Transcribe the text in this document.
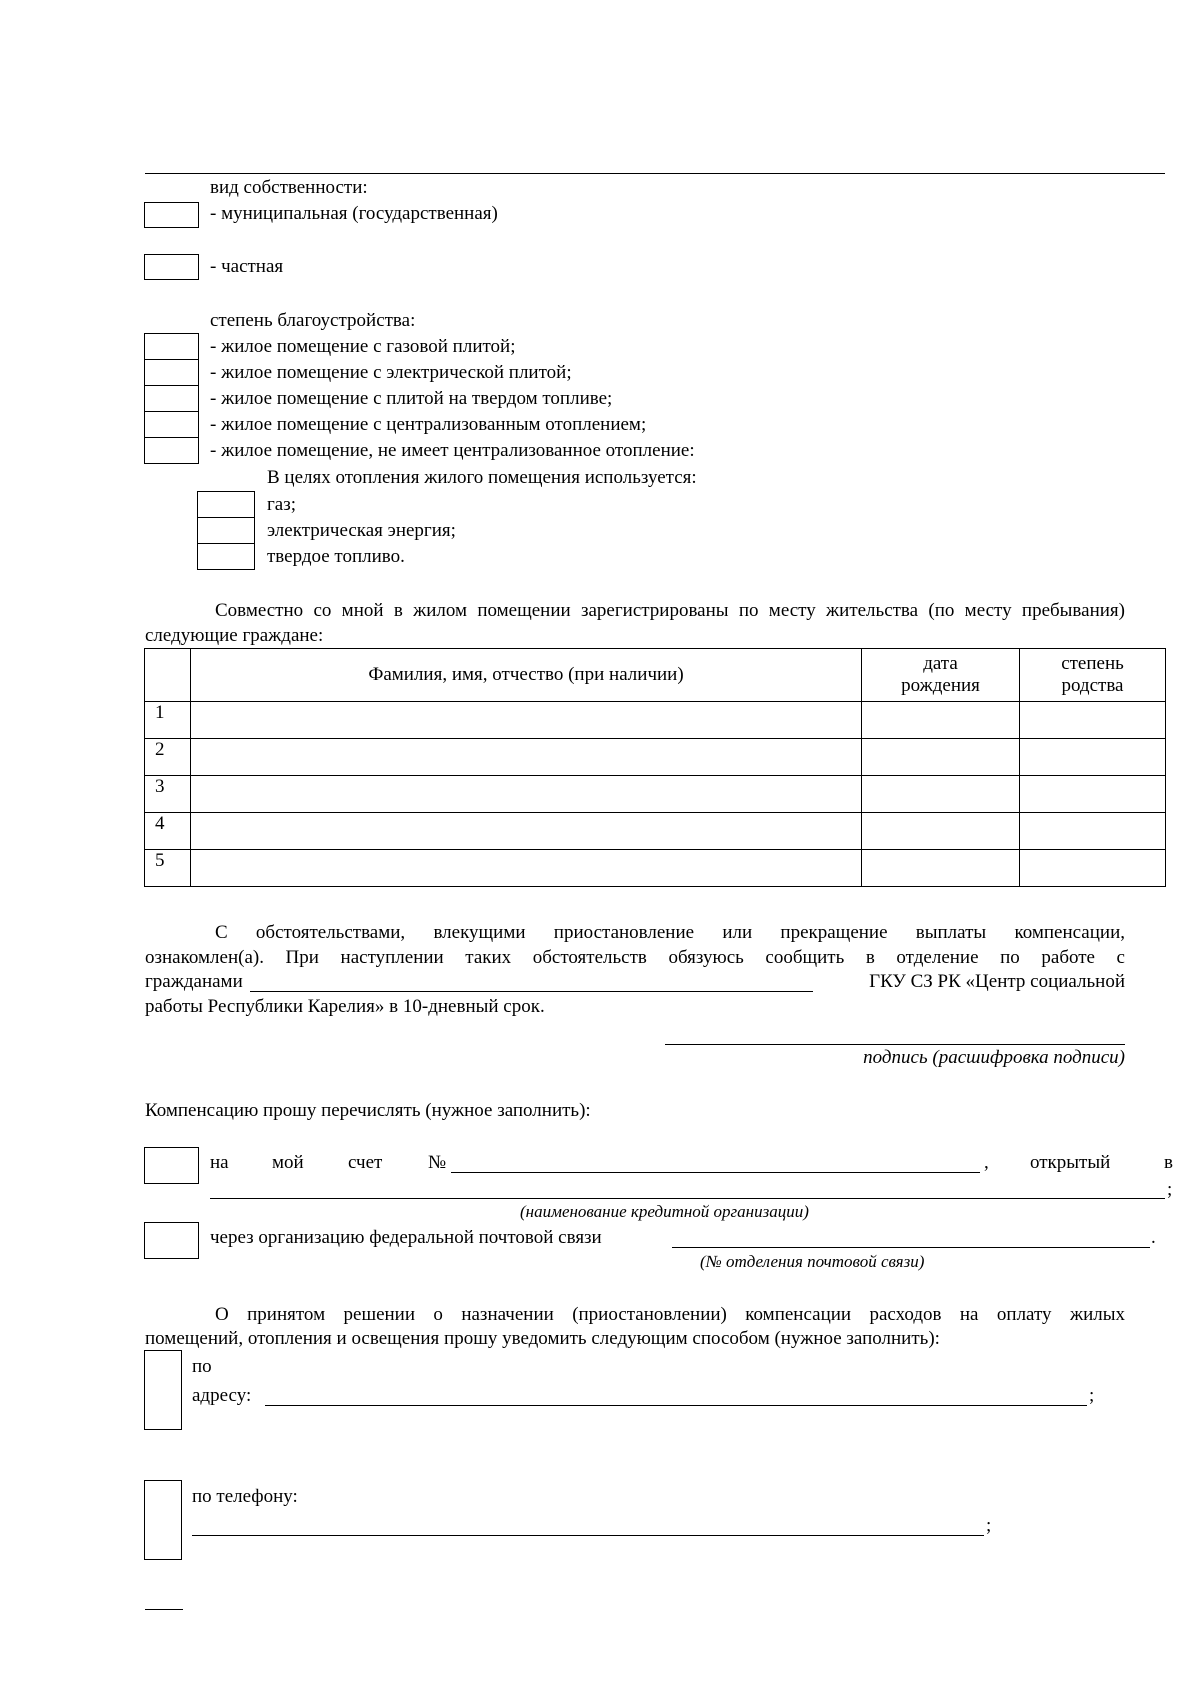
вид собственности:
- муниципальная (государственная)
- частная
степень благоустройства:
- жилое помещение с газовой плитой;
- жилое помещение с электрической плитой;
- жилое помещение с плитой на твердом топливе;
- жилое помещение с централизованным отоплением;
- жилое помещение, не имеет централизованное отопление:
В целях отопления жилого помещения используется:
газ;
электрическая энергия;
твердое топливо.
Совместно со мной в жилом помещении зарегистрированы по месту жительства (по месту пребывания) следующие граждане:
	Фамилия, имя, отчество (при наличии)	дата рождения	степень родства
1			
2			
3			
4			
5			
С обстоятельствами, влекущими приостановление или прекращение выплаты компенсации,
ознакомлен(а). При наступлении таких обстоятельств обязуюсь сообщить в отделение по работе с
гражданами	ГКУ СЗ РК «Центр социальной
работы Республики Карелия» в 10-дневный срок.
подпись (расшифровка подписи)
Компенсацию прошу перечислять (нужное заполнить):
на мой счет №	, открытый	в
;
(наименование кредитной организации)
через организацию федеральной почтовой связи	.
(№ отделения почтовой связи)
О принятом решении о назначении (приостановлении) компенсации расходов на оплату жилых
помещений, отопления и освещения прошу уведомить следующим способом (нужное заполнить):
по
адресу:	;
по телефону:
;
